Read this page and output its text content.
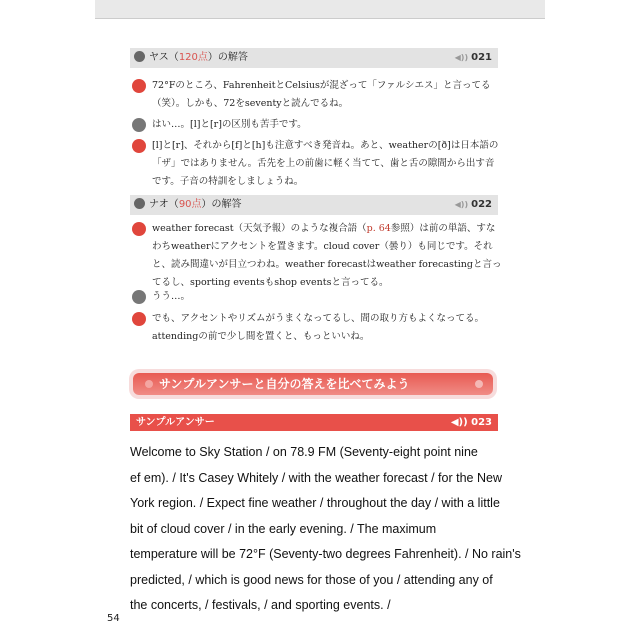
ヤス（120点）の解答	◀)) 021
72°Fのところ、FahrenheitとCelsiusが混ざって「ファルシエス」と言ってる（笑）。しかも、72をseventyと読んでるね。
はい…。[l]と[r]の区別も苦手です。
[l]と[r]、それから[f]と[h]も注意すべき発音ね。あと、weatherの[ð]は日本語の「ザ」ではありません。舌先を上の前歯に軽く当てて、歯と舌の隙間から出す音です。子音の特訓をしましょうね。
ナオ（90点）の解答	◀)) 022
weather forecast（天気予報）のような複合語（p. 64参照）は前の単語、すなわちweatherにアクセントを置きます。cloud cover（曇り）も同じです。それと、読み間違いが目立つわね。weather forecastはweather forecastingと言ってるし、sporting eventsもshop eventsと言ってる。
うう…。
でも、アクセントやリズムがうまくなってるし、間の取り方もよくなってる。attendingの前で少し間を置くと、もっといいね。
サンプルアンサーと自分の答えを比べてみよう
サンプルアンサー	◀)) 023
Welcome to Sky Station / on 78.9 FM (Seventy-eight point nine
ef em). / It's Casey Whitely / with the weather forecast / for the New
York region. / Expect fine weather / throughout the day / with a little
bit of cloud cover / in the early evening. / The maximum
temperature will be 72°F (Seventy-two degrees Fahrenheit). / No rain's
predicted, / which is good news for those of you / attending any of
the concerts, / festivals, / and sporting events. /
54
